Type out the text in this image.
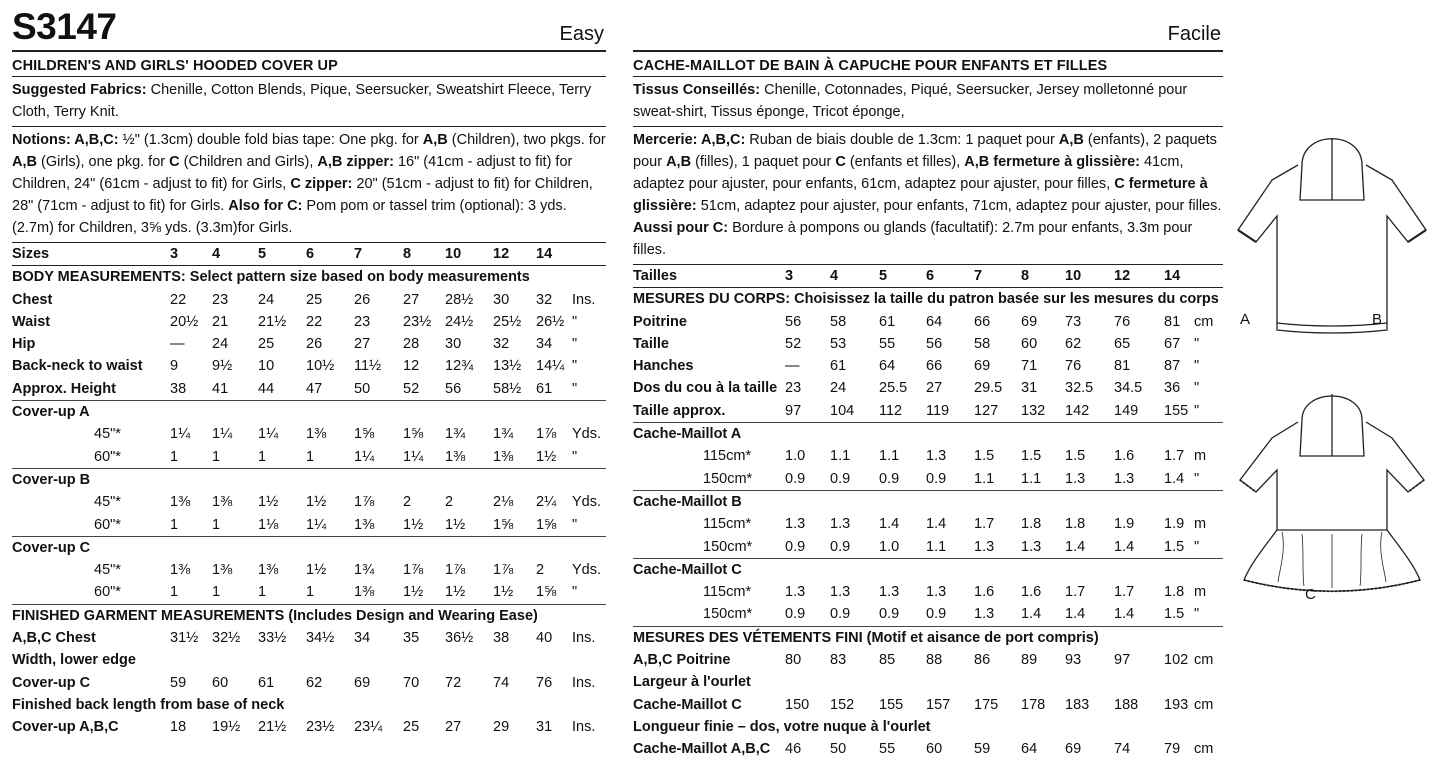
S3147	Easy
CHILDREN'S AND GIRLS' HOODED COVER UP
Suggested Fabrics: Chenille, Cotton Blends, Pique, Seersucker, Sweatshirt Fleece, Terry Cloth, Terry Knit.
Notions: A,B,C: ½" (1.3cm) double fold bias tape: One pkg. for A,B (Children), two pkgs. for A,B (Girls), one pkg. for C (Children and Girls), A,B zipper: 16" (41cm - adjust to fit) for Children, 24" (61cm - adjust to fit) for Girls, C zipper: 20" (51cm - adjust to fit) for Children, 28" (71cm - adjust to fit) for Girls. Also for C: Pom pom or tassel trim (optional): 3 yds. (2.7m) for Children, 3⅝ yds. (3.3m)for Girls.
Sizes	3 4	5	6	7	8 10 12 14
BODY MEASUREMENTS: Select pattern size based on body measurements
Chest	22 23 24 25 26 27 28½ 30 32 Ins.
Waist	20½ 21 21½ 22 23 23½ 24½ 25½ 26½ "
Hip	— 24 25 26 27 28 30 32 34 "
Back-neck to waist 9 9½ 10 10½ 11½ 12 12¾ 13½ 14¼ "
Approx. Height	38 41 44 47 50 52 56 58½ 61 "
Cover-up A
45"*	1¼ 1¼ 1¼ 1⅜ 1⅝ 1⅝ 1¾ 1¾ 1⅞ Yds.
60"*	1 1	1	1	1¼ 1¼ 1⅜ 1⅜ 1½ "
Cover-up B
45"*	1⅜ 1⅜ 1½ 1½ 1⅞ 2 2	2⅛ 2¼ Yds.
60"*	1 1	1⅛ 1¼ 1⅜ 1½ 1½ 1⅝ 1⅝ "
Cover-up C
45"*	1⅜ 1⅜ 1⅜ 1½ 1¾ 1⅞ 1⅞ 1⅞ 2 Yds.
60"*	1 1	1	1	1⅜ 1½ 1½ 1½ 1⅝ "
FINISHED GARMENT MEASUREMENTS (Includes Design and Wearing Ease)
A,B,C Chest	31½ 32½ 33½ 34½ 34 35 36½ 38 40 Ins.
Width, lower edge
Cover-up C	59 60 61 62 69 70 72 74 76 Ins.
Finished back length from base of neck
Cover-up A,B,C	18 19½ 21½ 23½ 23¼ 25 27 29 31 Ins.
Facile
CACHE-MAILLOT DE BAIN À CAPUCHE POUR ENFANTS ET FILLES
Tissus Conseillés: Chenille, Cotonnades, Piqué, Seersucker, Jersey molletonné pour sweat-shirt, Tissus éponge, Tricot éponge,
Mercerie: A,B,C: Ruban de biais double de 1.3cm: 1 paquet pour A,B (enfants), 2 paquets pour A,B (filles), 1 paquet pour C (enfants et filles), A,B fermeture à glissière: 41cm, adaptez pour ajuster, pour enfants, 61cm, adaptez pour ajuster, pour filles, C fermeture à glissière: 51cm, adaptez pour ajuster, pour enfants, 71cm, adaptez pour ajuster, pour filles. Aussi pour C: Bordure à pompons ou glands (facultatif): 2.7m pour enfants, 3.3m pour filles.
Tailles	3	4	5	6	7	8 10 12 14
MESURES DU CORPS: Choisissez la taille du patron basée sur les mesures du corps
Poitrine	56 58 61 64 66 69 73 76 81 cm
Taille	52 53 55 56 58 60 62 65 67 "
Hanches	— 61 64 66 69 71 76 81 87 "
Dos du cou à la taille 23 24 25.5 27 29.5 31 32.5 34.5 36 "
Taille approx.	97 104 112 119 127 132 142 149 155 "
Cache-Maillot A
115cm* 1.0 1.1 1.1 1.3 1.5 1.5 1.5 1.6 1.7 m
150cm* 0.9 0.9 0.9 0.9 1.1 1.1 1.3 1.3 1.4 "
Cache-Maillot B
115cm* 1.3 1.3 1.4 1.4 1.7 1.8 1.8 1.9 1.9 m
150cm* 0.9 0.9 1.0 1.1 1.3 1.3 1.4 1.4 1.5 "
Cache-Maillot C
115cm* 1.3 1.3 1.3 1.3 1.6 1.6 1.7 1.7 1.8 m
150cm* 0.9 0.9 0.9 0.9 1.3 1.4 1.4 1.4 1.5 "
MESURES DES VÉTEMENTS FINI (Motif et aisance de port compris)
A,B,C Poitrine	80 83 85 88 86 89 93 97 102 cm
Largeur à l'ourlet
Cache-Maillot C	150 152 155 157 175 178 183 188 193 cm
Longueur finie – dos, votre nuque à l'ourlet
Cache-Maillot A,B,C 46 50 55 60 59 64 69 74 79 cm
A	B
C
